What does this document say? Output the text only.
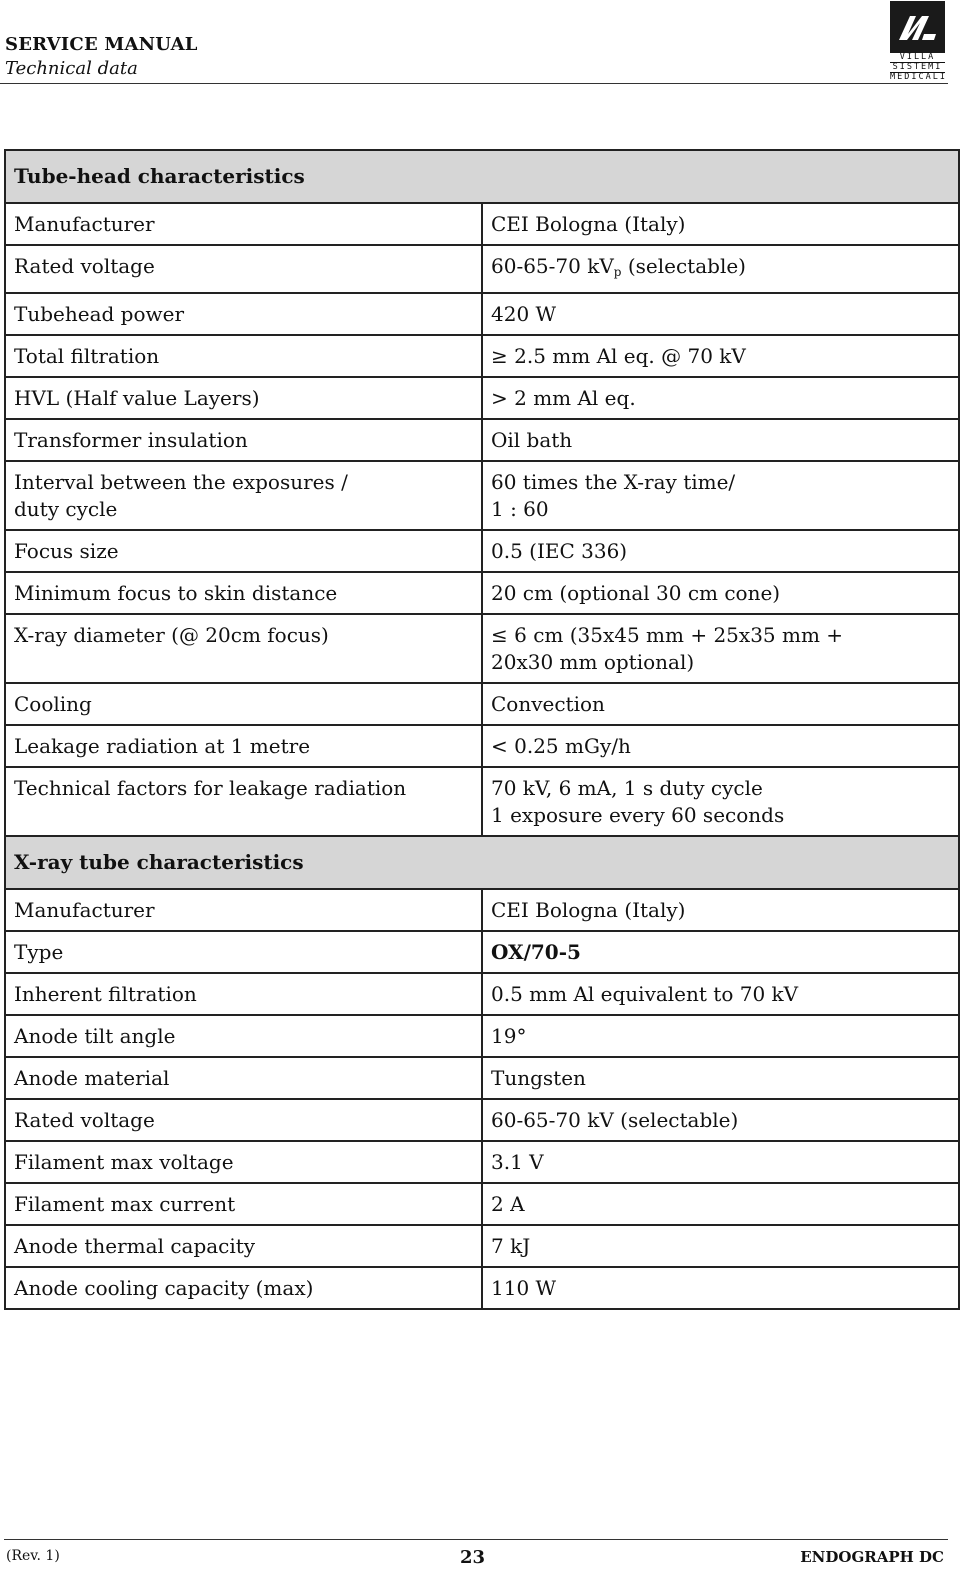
SERVICE MANUAL
Technical data
VILLA
SISTEMI
MEDICALI
Tube-head characteristics	
Manufacturer	CEI Bologna (Italy)
Rated voltage	60-65-70 $kV_p$ (selectable)
Tubehead power	420 W
Total filtration	≥ 2.5 mm Al eq. @ 70 kV
HVL (Half value Layers)	> 2 mm Al eq.
Transformer insulation	Oil bath

Interval between the exposures /
duty cycle	60 times the X-ray time/
1 : 60

Focus size	0.5 (IEC 336)
Minimum focus to skin distance	20 cm (optional 30 cm cone)
X-ray diameter (@ 20cm focus)	≤ 6 cm (35x45 mm + 25x35 mm +
20x30 mm optional)

Cooling	Convection
Leakage radiation at 1 metre	< 0.25 mGy/h
Technical factors for leakage radiation	70 kV, 6 mA, 1 s duty cycle
1 exposure every 60 seconds

X-ray tube characteristics	
Manufacturer	CEI Bologna (Italy)
Type	OX/70-5
Inherent filtration	0.5 mm Al equivalent to 70 kV
Anode tilt angle	19°
Anode material	Tungsten
Rated voltage	60-65-70 kV (selectable)
Filament max voltage	3.1 V
Filament max current	2 A
Anode thermal capacity	7 kJ
Anode cooling capacity (max)	110 W
(Rev. 1)	23	ENDOGRAPH DC
